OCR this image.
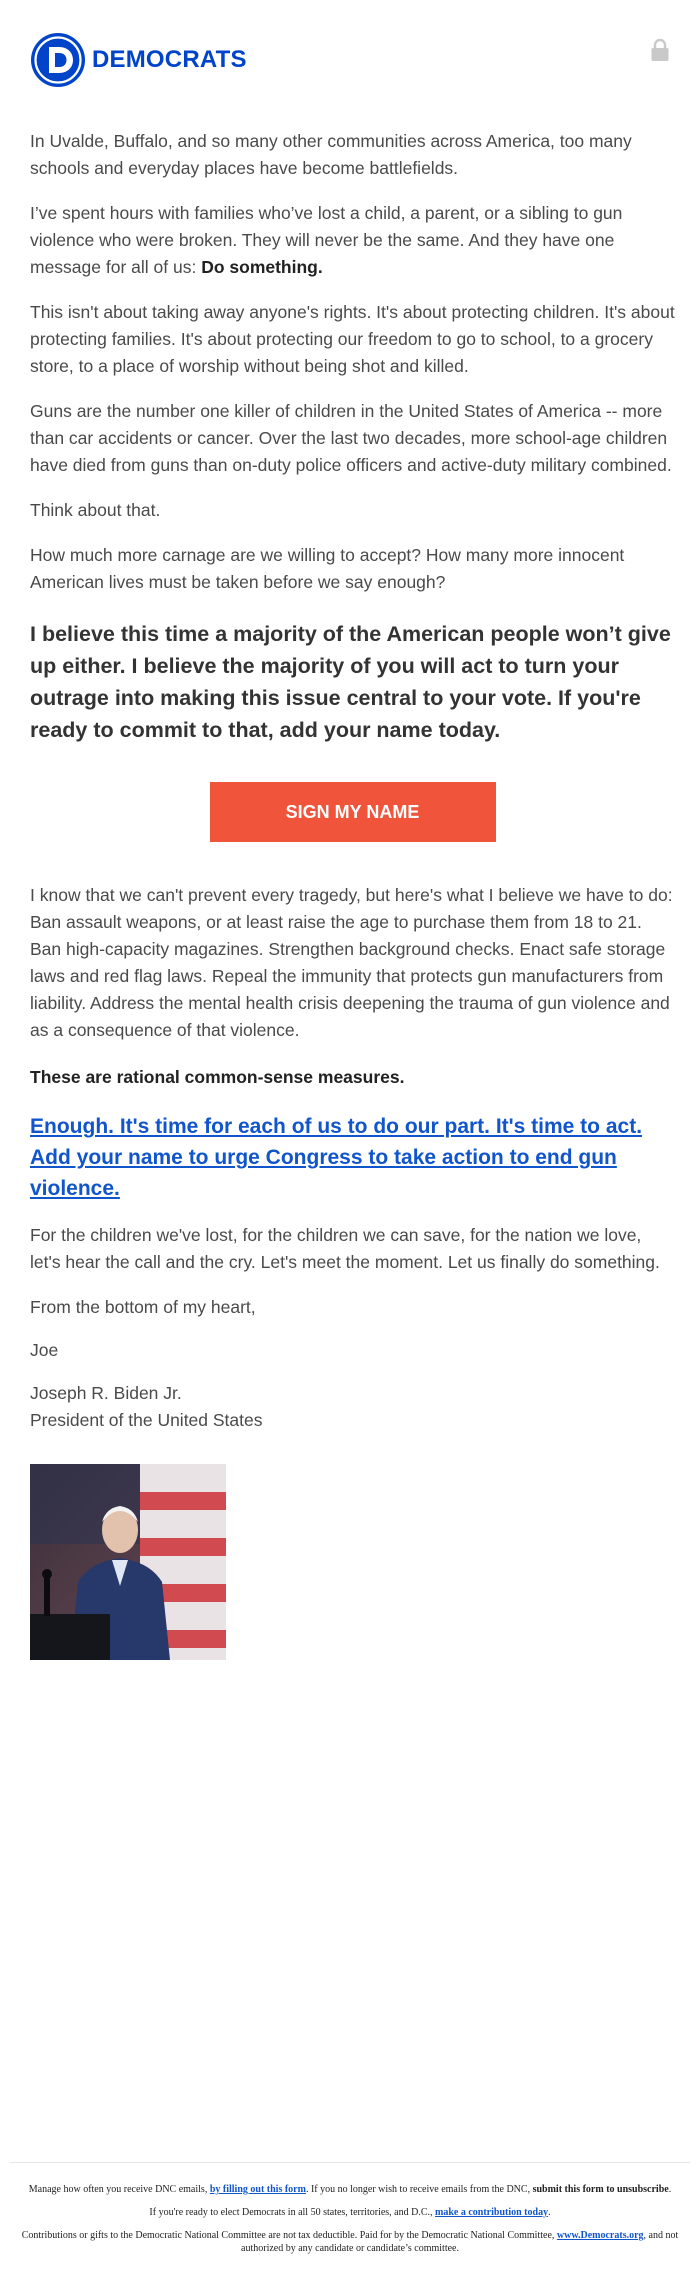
DEMOCRATS

In Uvalde, Buffalo, and so many other communities across America, too many schools and everyday places have become battlefields.

I’ve spent hours with families who’ve lost a child, a parent, or a sibling to gun violence who were broken. They will never be the same. And they have one message for all of us: Do something.

This isn't about taking away anyone's rights. It's about protecting children. It's about protecting families. It's about protecting our freedom to go to school, to a grocery store, to a place of worship without being shot and killed.

Guns are the number one killer of children in the United States of America -- more than car accidents or cancer. Over the last two decades, more school-age children have died from guns than on-duty police officers and active-duty military combined.

Think about that.

How much more carnage are we willing to accept? How many more innocent American lives must be taken before we say enough?

I believe this time a majority of the American people won’t give up either. I believe the majority of you will act to turn your outrage into making this issue central to your vote. If you're ready to commit to that, add your name today.
SIGN MY NAME

I know that we can't prevent every tragedy, but here's what I believe we have to do: Ban assault weapons, or at least raise the age to purchase them from 18 to 21. Ban high-capacity magazines. Strengthen background checks. Enact safe storage laws and red flag laws. Repeal the immunity that protects gun manufacturers from liability. Address the mental health crisis deepening the trauma of gun violence and as a consequence of that violence.

These are rational common-sense measures.

Enough. It's time for each of us to do our part. It's time to act. Add your name to urge Congress to take action to end gun violence.

For the children we've lost, for the children we can save, for the nation we love, let's hear the call and the cry. Let's meet the moment. Let us finally do something.

From the bottom of my heart,

Joe

Joseph R. Biden Jr.
President of the United States

Manage how often you receive DNC emails, by filling out this form. If you no longer wish to receive emails from the DNC, submit this form to unsubscribe.
If you're ready to elect Democrats in all 50 states, territories, and D.C., make a contribution today.
Contributions or gifts to the Democratic National Committee are not tax deductible. Paid for by the Democratic National Committee, www.Democrats.org, and not authorized by any candidate or candidate’s committee.
